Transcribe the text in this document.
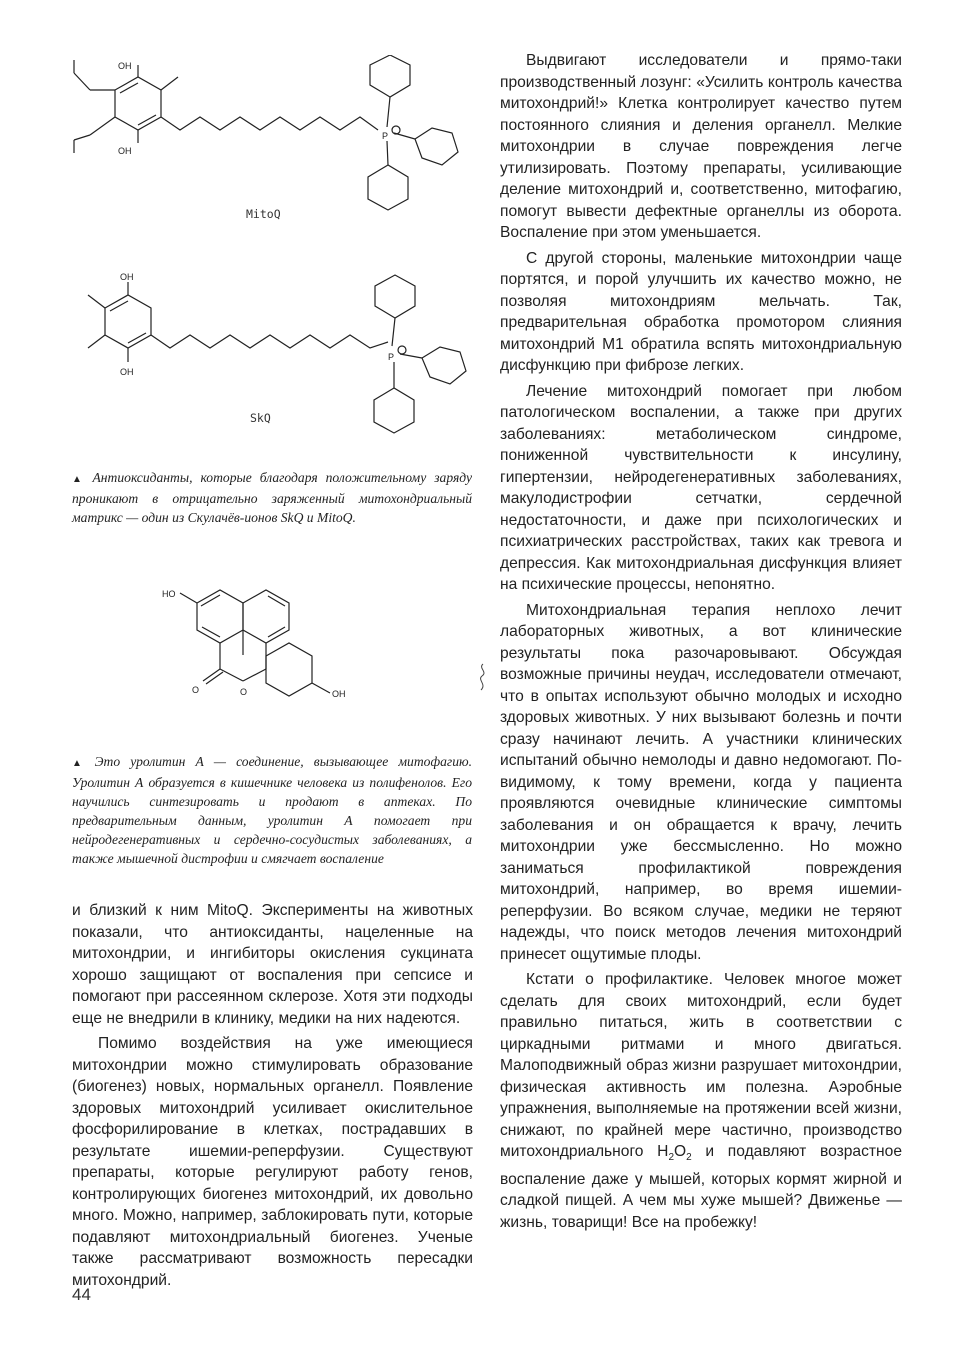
OH
OH
P
MitoQ
OH
OH
P
SkQ
▲ Антиоксиданты, которые благодаря положительному заряду проникают в отрицательно заряженный митохондриальный матрикс — один из Скулачёв-ионов SkQ и MitoQ.
HO
O	O	OH
▲ Это уролитин А — соединение, вызывающее митофагию. Уролитин А образуется в кишечнике человека из полифенолов. Его научились синтезировать и продают в аптеках. По предварительным данным, уролитин А помогает при нейродегенеративных и сердечно-сосудистых заболеваниях, а также мышечной дистрофии и смягчает воспаление

и близкий к ним MitoQ. Эксперименты на животных показали, что антиоксиданты, нацеленные на митохондрии, и ингибиторы окисления сукцината хорошо защищают от воспаления при сепсисе и помогают при рассеянном склерозе. Хотя эти подходы еще не внедрили в клинику, медики на них надеются.

Помимо воздействия на уже имеющиеся митохондрии можно стимулировать образование (биогенез) новых, нормальных органелл. Появление здоровых митохондрий усиливает окислительное фосфорилирование в клетках, пострадавших в результате ишемии-реперфузии. Существуют препараты, которые регулируют работу генов, контролирующих биогенез митохондрий, их довольно много. Можно, например, заблокировать пути, которые подавляют митохондриальный биогенез. Ученые также рассматривают возможность пересадки митохондрий.

Выдвигают исследователи и прямо-таки производственный лозунг: «Усилить контроль качества митохондрий!» Клетка контролирует качество путем постоянного слияния и деления органелл. Мелкие митохондрии в случае повреждения легче утилизировать. Поэтому препараты, усиливающие деление митохондрий и, соответственно, митофагию, помогут вывести дефектные органеллы из оборота. Воспаление при этом уменьшается.

С другой стороны, маленькие митохондрии чаще портятся, и порой улучшить их качество можно, не позволяя митохондриям мельчать. Так, предварительная обработка промотором слияния митохондрий М1 обратила вспять митохондриальную дисфункцию при фиброзе легких.

Лечение митохондрий помогает при любом патологическом воспалении, а также при других заболеваниях: метаболическом синдроме, пониженной чувствительности к инсулину, гипертензии, нейродегенеративных заболеваниях, макулодистрофии сетчатки, сердечной недостаточности, и даже при психологических и психиатрических расстройствах, таких как тревога и депрессия. Как митохондриальная дисфункция влияет на психические процессы, непонятно.

Митохондриальная терапия неплохо лечит лабораторных животных, а вот клинические результаты пока разочаровывают. Обсуждая возможные причины неудач, исследователи отмечают, что в опытах используют обычно молодых и исходно здоровых животных. У них вызывают болезнь и почти сразу начинают лечить. А участники клинических испытаний обычно немолоды и давно недомогают. По-видимому, к тому времени, когда у пациента проявляются очевидные клинические симптомы заболевания и он обращается к врачу, лечить митохондрии уже бессмысленно. Но можно заниматься профилактикой повреждения митохондрий, например, во время ишемии-реперфузии. Во всяком случае, медики не теряют надежды, что поиск методов лечения митохондрий принесет ощутимые плоды.

Кстати о профилактике. Человек многое может сделать для своих митохондрий, если будет правильно питаться, жить в соответствии с циркадными ритмами и много двигаться. Малоподвижный образ жизни разрушает митохондрии, физическая активность им полезна. Аэробные упражнения, выполняемые на протяжении всей жизни, снижают, по крайней мере частично, производство митохондриального $H_2O_2$ и подавляют возрастное воспаление даже у мышей, которых кормят жирной и сладкой пищей. А чем мы хуже мышей? Движенье — жизнь, товарищи! Все на пробежку!

44
